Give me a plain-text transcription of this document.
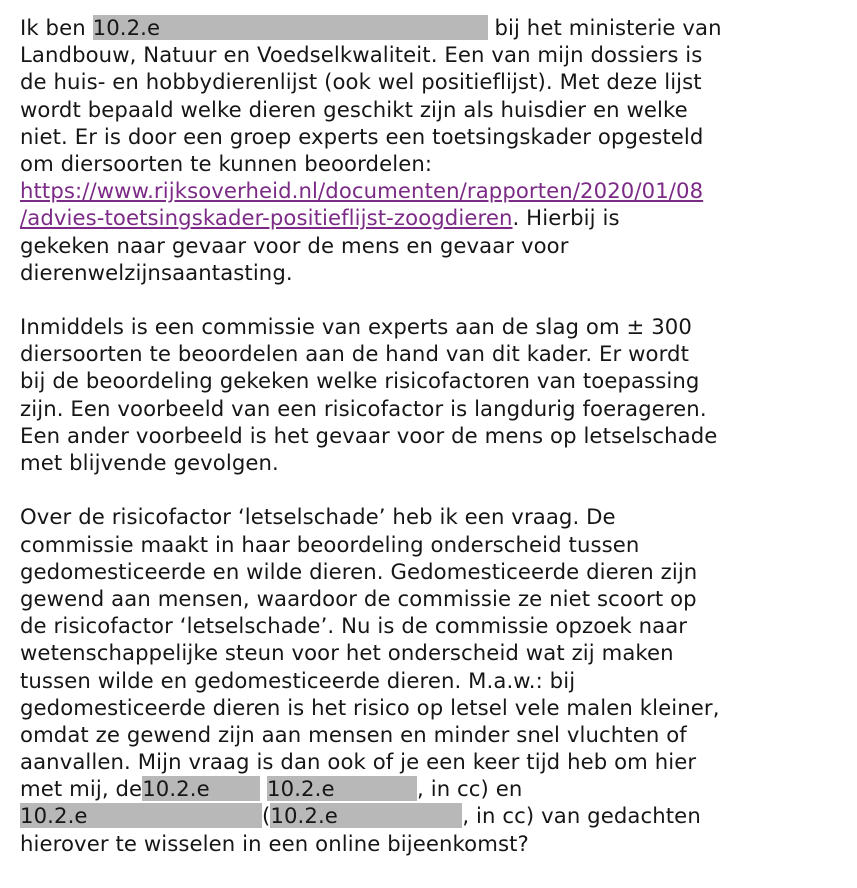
Ik ben 10.2.e	bij het ministerie van
Landbouw, Natuur en Voedselkwaliteit. Een van mijn dossiers is
de huis- en hobbydierenlijst (ook wel positieflijst). Met deze lijst
wordt bepaald welke dieren geschikt zijn als huisdier en welke
niet. Er is door een groep experts een toetsingskader opgesteld
om diersoorten te kunnen beoordelen:
https://www.rijksoverheid.nl/documenten/rapporten/2020/01/08
/advies-toetsingskader-positieflijst-zoogdieren. Hierbij is
gekeken naar gevaar voor de mens en gevaar voor
dierenwelzijnsaantasting.
Inmiddels is een commissie van experts aan de slag om ± 300
diersoorten te beoordelen aan de hand van dit kader. Er wordt
bij de beoordeling gekeken welke risicofactoren van toepassing
zijn. Een voorbeeld van een risicofactor is langdurig foerageren.
Een ander voorbeeld is het gevaar voor de mens op letselschade
met blijvende gevolgen.
Over de risicofactor ‘letselschade’ heb ik een vraag. De
commissie maakt in haar beoordeling onderscheid tussen
gedomesticeerde en wilde dieren. Gedomesticeerde dieren zijn
gewend aan mensen, waardoor de commissie ze niet scoort op
de risicofactor ‘letselschade’. Nu is de commissie opzoek naar
wetenschappelijke steun voor het onderscheid wat zij maken
tussen wilde en gedomesticeerde dieren. M.a.w.: bij
gedomesticeerde dieren is het risico op letsel vele malen kleiner,
omdat ze gewend zijn aan mensen en minder snel vluchten of
aanvallen. Mijn vraag is dan ook of je een keer tijd heb om hier
met mij, de10.2.e	10.2.e	, in cc) en
10.2.e	(10.2.e	, in cc) van gedachten
hierover te wisselen in een online bijeenkomst?
